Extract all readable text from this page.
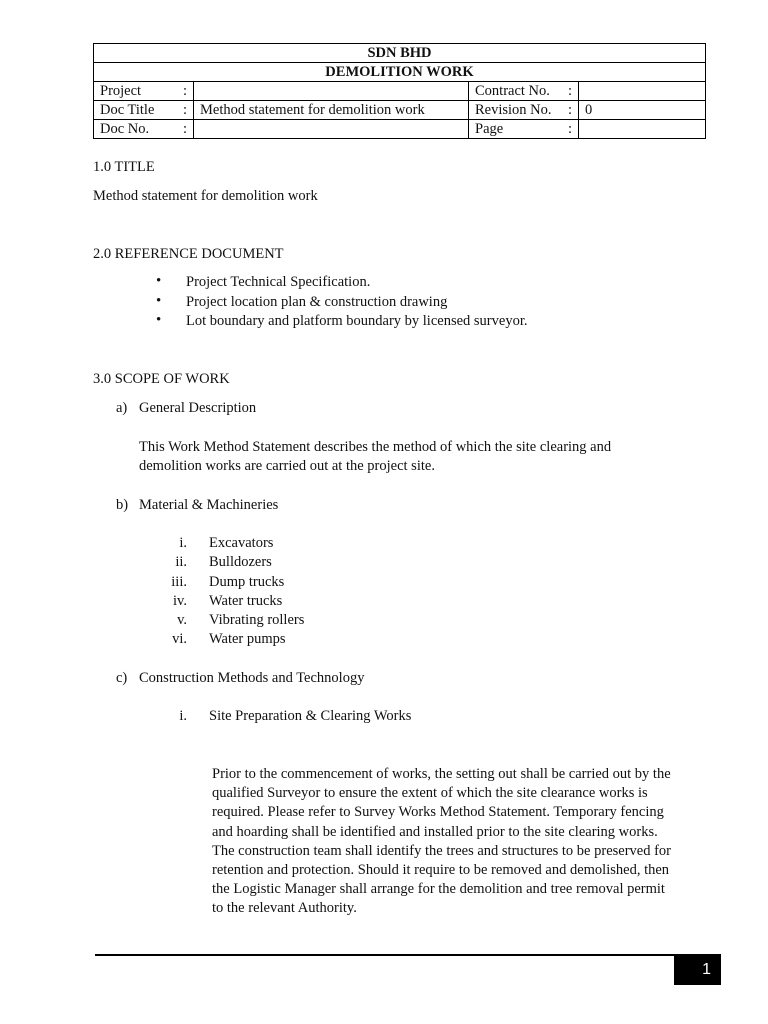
SDN BHD			
DEMOLITION WORK			

Project :		Contract No. :	

Doc Title :	Method statement for demolition work	Revision No. :	0

Doc No. :		Page :	

1.0 TITLE
Method statement for demolition work
2.0 REFERENCE DOCUMENT
Project Technical Specification.
Project location plan & construction drawing
Lot boundary and platform boundary by licensed surveyor.
3.0 SCOPE OF WORK
a) General Description
This Work Method Statement describes the method of which the site clearing and demolition works are carried out at the project site.
b) Material & Machineries
i. Excavators
ii. Bulldozers
iii. Dump trucks
iv. Water trucks
v. Vibrating rollers
vi. Water pumps
c) Construction Methods and Technology
i. Site Preparation & Clearing Works
Prior to the commencement of works, the setting out shall be carried out by the qualified Surveyor to ensure the extent of which the site clearance works is required. Please refer to Survey Works Method Statement. Temporary fencing and hoarding shall be identified and installed prior to the site clearing works. The construction team shall identify the trees and structures to be preserved for retention and protection. Should it require to be removed and demolished, then the Logistic Manager shall arrange for the demolition and tree removal permit to the relevant Authority.
1
